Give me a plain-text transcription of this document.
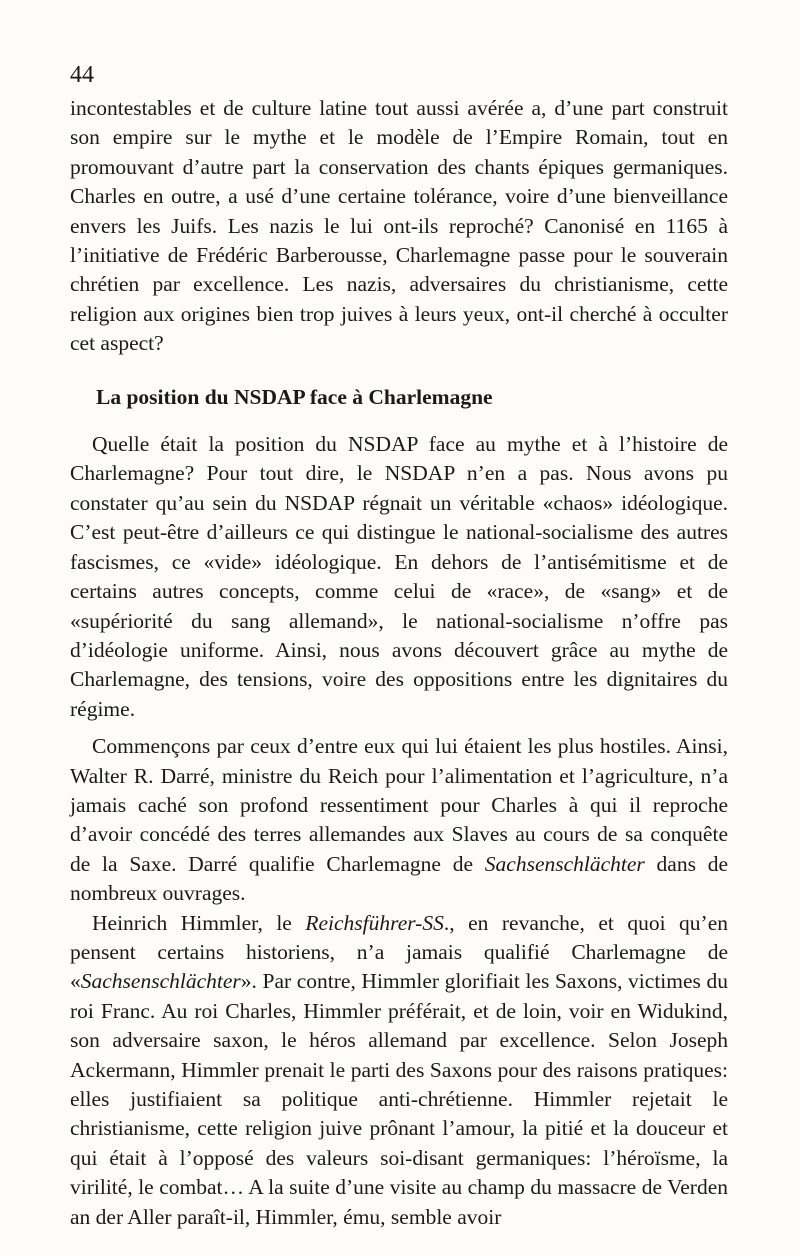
44

incontestables et de culture latine tout aussi avérée a, d’une part construit son empire sur le mythe et le modèle de l’Empire Romain, tout en promouvant d’autre part la conservation des chants épiques germaniques. Charles en outre, a usé d’une certaine tolérance, voire d’une bienveillance envers les Juifs. Les nazis le lui ont-ils reproché? Canonisé en 1165 à l’initiative de Frédéric Barberousse, Charlemagne passe pour le souverain chrétien par excellence. Les nazis, adversaires du christianisme, cette religion aux origines bien trop juives à leurs yeux, ont-il cherché à occulter cet aspect?

La position du NSDAP face à Charlemagne

Quelle était la position du NSDAP face au mythe et à l’histoire de Charlemagne? Pour tout dire, le NSDAP n’en a pas. Nous avons pu constater qu’au sein du NSDAP régnait un véritable «chaos» idéologique. C’est peut-être d’ailleurs ce qui distingue le national-socialisme des autres fascismes, ce «vide» idéologique. En dehors de l’antisémitisme et de certains autres concepts, comme celui de «race», de «sang» et de «supériorité du sang allemand», le national-socialisme n’offre pas d’idéologie uniforme. Ainsi, nous avons découvert grâce au mythe de Charlemagne, des tensions, voire des oppositions entre les dignitaires du régime.

Commençons par ceux d’entre eux qui lui étaient les plus hostiles. Ainsi, Walter R. Darré, ministre du Reich pour l’alimentation et l’agriculture, n’a jamais caché son profond ressentiment pour Charles à qui il reproche d’avoir concédé des terres allemandes aux Slaves au cours de sa conquête de la Saxe. Darré qualifie Charlemagne de Sachsenschlächter dans de nombreux ouvrages.

Heinrich Himmler, le Reichsführer-SS., en revanche, et quoi qu’en pensent certains historiens, n’a jamais qualifié Charlemagne de «Sachsenschlächter». Par contre, Himmler glorifiait les Saxons, victimes du roi Franc. Au roi Charles, Himmler préférait, et de loin, voir en Widukind, son adversaire saxon, le héros allemand par excellence. Selon Joseph Ackermann, Himmler prenait le parti des Saxons pour des raisons pratiques: elles justifiaient sa politique anti-chrétienne. Himmler rejetait le christianisme, cette religion juive prônant l’amour, la pitié et la douceur et qui était à l’opposé des valeurs soi-disant germaniques: l’héroïsme, la virilité, le combat… A la suite d’une visite au champ du massacre de Verden an der Aller paraît-il, Himmler, ému, semble avoir
